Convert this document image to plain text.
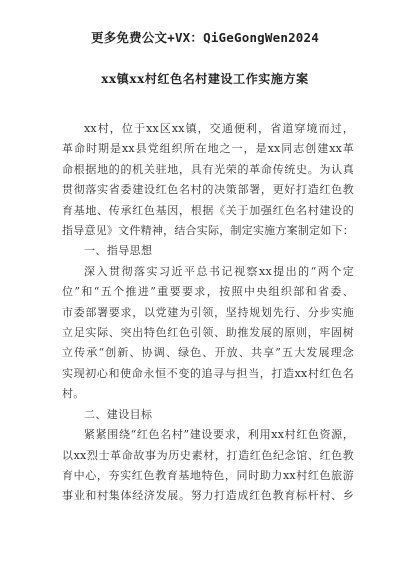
更多免费公文+VX：QiGeGongWen2024
xx镇xx村红色名村建设工作实施方案
xx村，位于xx区xx镇，交通便利，省道穿境而过，
革命时期是xx县党组织所在地之一，是xx同志创建xx革
命根据地的的机关驻地，具有光荣的革命传统史。为认真
贯彻落实省委建设红色名村的决策部署，更好打造红色教
育基地、传承红色基因，根据《关于加强红色名村建设的
指导意见》文件精神，结合实际，制定实施方案制定如下：
一、指导思想
深入贯彻落实习近平总书记视察xx提出的“两个定
位”和“五个推进”重要要求，按照中央组织部和省委、
市委部署要求，以党建为引领，坚持规划先行、分步实施
立足实际、突出特色红色引领、助推发展的原则，牢固树
立传承“创新、协调、绿色、开放、共享”五大发展理念
实现初心和使命永恒不变的追寻与担当，打造xx村红色名
村。
二、建设目标
紧紧围绕“红色名村”建设要求，利用xx村红色资源，
以xx烈士革命故事为历史素材，打造红色纪念馆、红色教
育中心，夯实红色教育基地特色，同时助力xx村红色旅游
事业和村集体经济发展。努力打造成红色教育标杆村、乡
